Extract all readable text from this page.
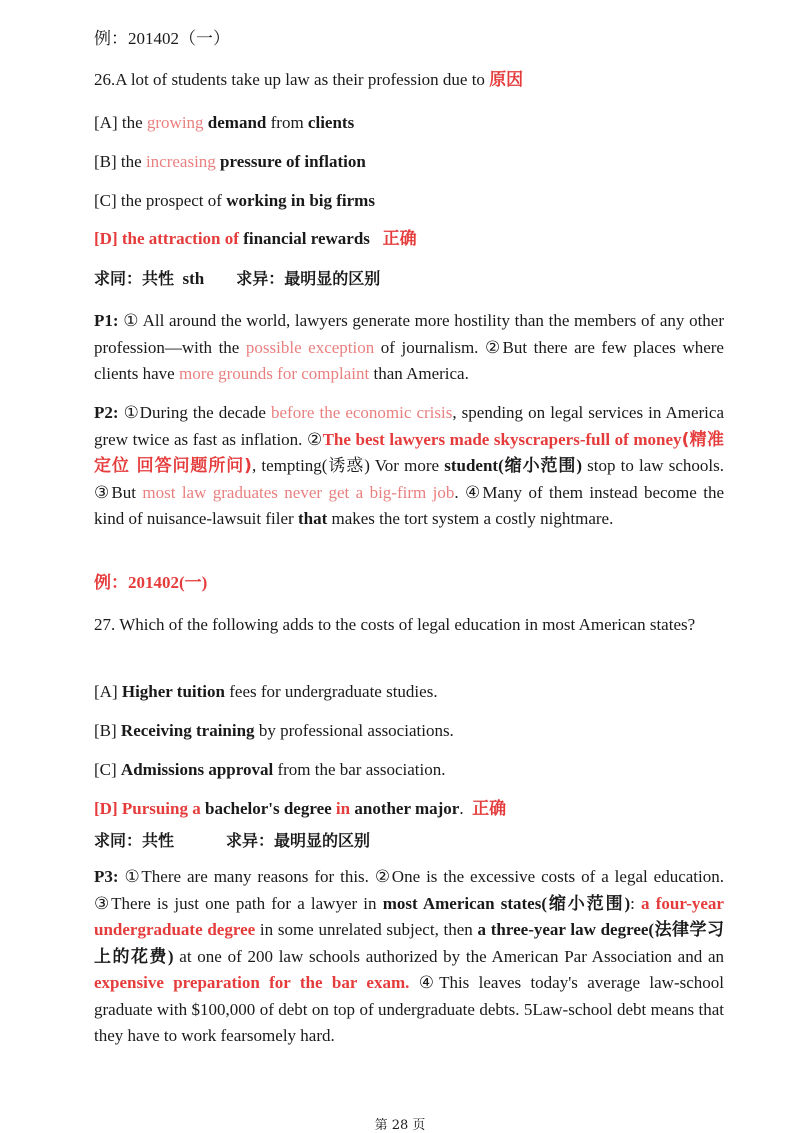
例：201402（一）
26.A lot of students take up law as their profession due to 原因
[A] the growing demand from clients
[B] the increasing pressure of inflation
[C] the prospect of working in big firms
[D] the attraction of financial rewards 正确
求同：共性 sth 求异：最明显的区别
P1: ① All around the world, lawyers generate more hostility than the members of any other profession—with the possible exception of journalism. ②But there are few places where clients have more grounds for complaint than America.
P2: ①During the decade before the economic crisis, spending on legal services in America grew twice as fast as inflation. ②The best lawyers made skyscrapers-full of money(精准定位 回答问题所问), tempting(诱惑) Vor more student(缩小范围) stop to law schools. ③But most law graduates never get a big-firm job. ④Many of them instead become the kind of nuisance-lawsuit filer that makes the tort system a costly nightmare.
例：201402(一)
27. Which of the following adds to the costs of legal education in most American states?
[A] Higher tuition fees for undergraduate studies.
[B] Receiving training by professional associations.
[C] Admissions approval from the bar association.
[D] Pursuing a bachelor's degree in another major. 正确
求同：共性	求异：最明显的区别
P3: ①There are many reasons for this. ②One is the excessive costs of a legal education. ③There is just one path for a lawyer in most American states(缩小范围): a four-year undergraduate degree in some unrelated subject, then a three-year law degree(法律学习上的花费) at one of 200 law schools authorized by the American Par Association and an expensive preparation for the bar exam. ④This leaves today's average law-school graduate with $100,000 of debt on top of undergraduate debts. 5Law-school debt means that they have to work fearsomely hard.
第 28 页
